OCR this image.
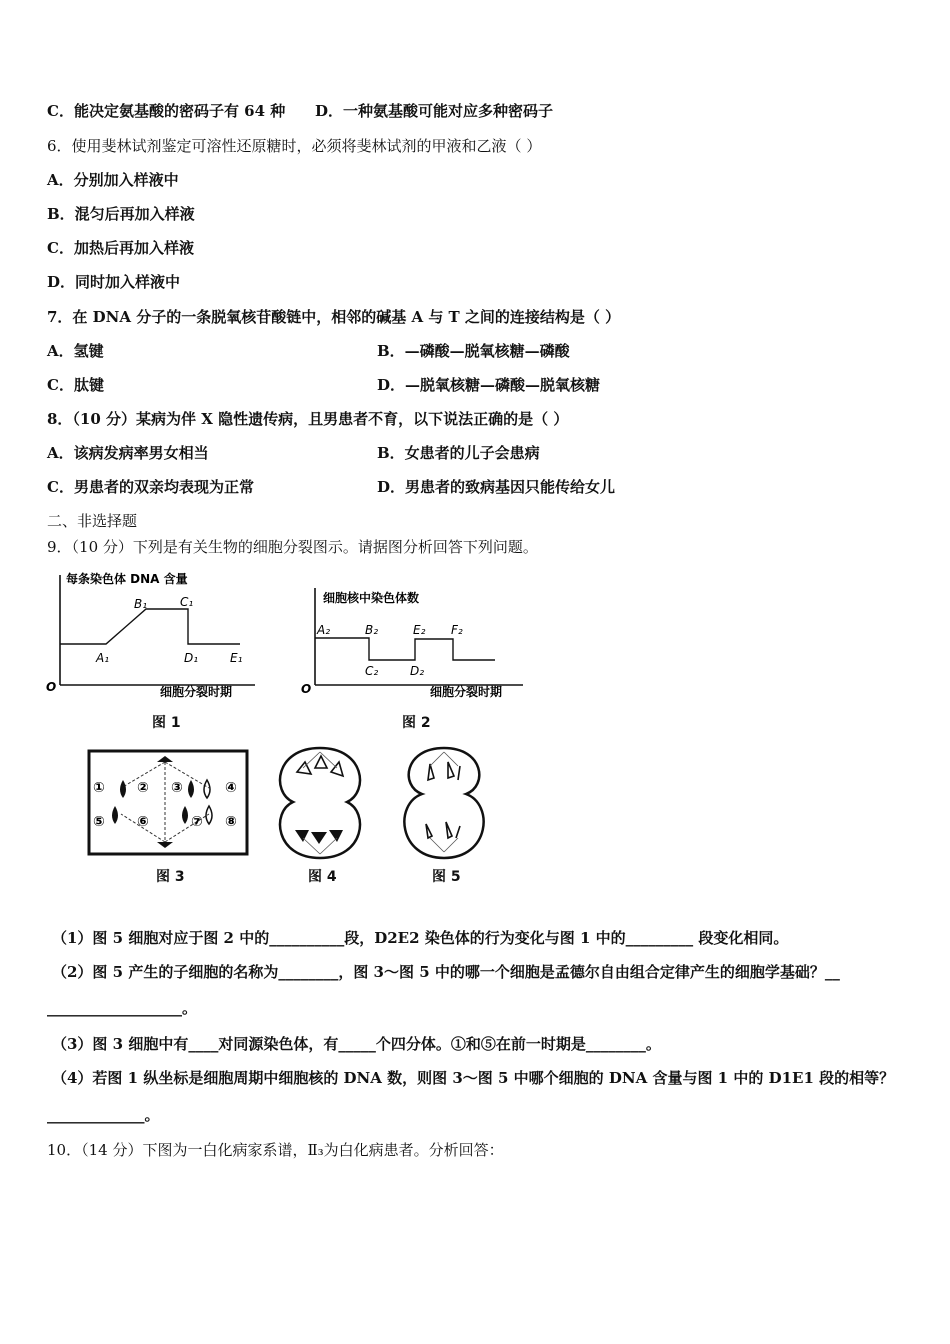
C．能决定氨基酸的密码子有 64 种 D．一种氨基酸可能对应多种密码子
6．使用斐林试剂鉴定可溶性还原糖时，必须将斐林试剂的甲液和乙液（ ）
A．分别加入样液中
B．混匀后再加入样液
C．加热后再加入样液
D．同时加入样液中
7．在 DNA 分子的一条脱氧核苷酸链中，相邻的碱基 A 与 T 之间的连接结构是（ ）
A．氢键	B．—磷酸—脱氧核糖—磷酸
C．肽键	D．—脱氧核糖—磷酸—脱氧核糖
8．（10 分）某病为伴 X 隐性遗传病，且男患者不育，以下说法正确的是（ ）
A．该病发病率男女相当	B．女患者的儿子会患病
C．男患者的双亲均表现为正常	D．男患者的致病基因只能传给女儿
二、非选择题
9．（10 分）下列是有关生物的细胞分裂图示。请据图分析回答下列问题。
每条染色体 DNA 含量
O	细胞分裂时期
A₁
B₁	C₁
D₁	E₁
图 1
细胞核中染色体数
O	细胞分裂时期
A₂	B₂
C₂	D₂
E₂ F₂
图 2
① ② ③	④
⑤ ⑥	⑦ ⑧
图 3	图 4	图 5
（1）图 5 细胞对应于图 2 中的__________段，D2E2 染色体的行为变化与图 1 中的_________ 段变化相同。
（2）图 5 产生的子细胞的名称为________，图 3～图 5 中的哪一个细胞是孟德尔自由组合定律产生的细胞学基础？__
__________________。
（3）图 3 细胞中有____对同源染色体，有_____个四分体。①和⑤在前一时期是________。
（4）若图 1 纵坐标是细胞周期中细胞核的 DNA 数，则图 3～图 5 中哪个细胞的 DNA 含量与图 1 中的 D1E1 段的相等？
_____________。
10．（14 分）下图为一白化病家系谱，Ⅱ₃为白化病患者。分析回答：
